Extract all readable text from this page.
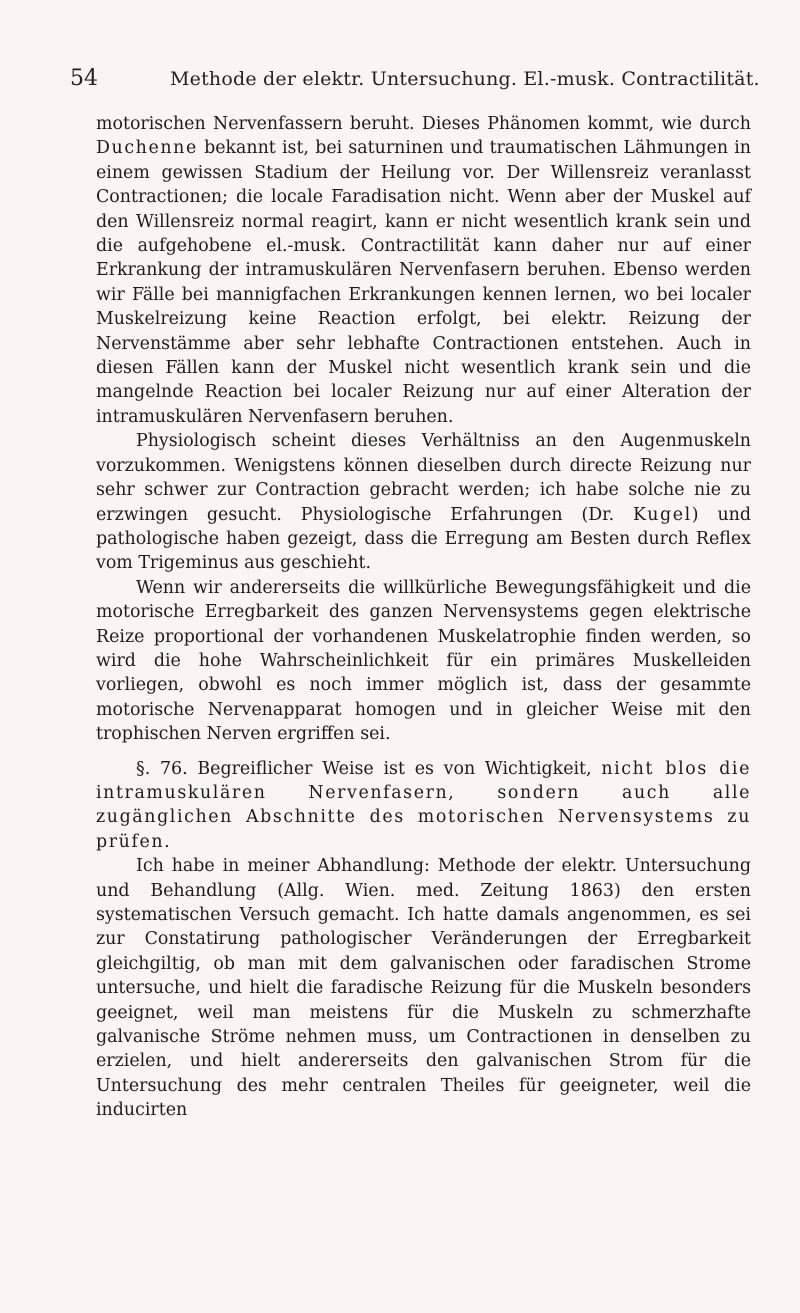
54	Methode der elektr. Untersuchung. El.-musk. Contractilität.

motorischen Nervenfassern beruht. Dieses Phänomen kommt, wie durch Duchenne bekannt ist, bei saturninen und traumatischen Lähmungen in einem gewissen Stadium der Heilung vor. Der Willensreiz veranlasst Contractionen; die locale Faradisation nicht. Wenn aber der Muskel auf den Willensreiz normal reagirt, kann er nicht wesentlich krank sein und die aufgehobene el.-musk. Contractilität kann daher nur auf einer Erkrankung der intramuskulären Nervenfasern beruhen. Ebenso werden wir Fälle bei mannigfachen Erkrankungen kennen lernen, wo bei localer Muskelreizung keine Reaction erfolgt, bei elektr. Reizung der Nervenstämme aber sehr lebhafte Contractionen entstehen. Auch in diesen Fällen kann der Muskel nicht wesentlich krank sein und die mangelnde Reaction bei localer Reizung nur auf einer Alteration der intramuskulären Nervenfasern beruhen.

Physiologisch scheint dieses Verhältniss an den Augenmuskeln vorzukommen. Wenigstens können dieselben durch directe Reizung nur sehr schwer zur Contraction gebracht werden; ich habe solche nie zu erzwingen gesucht. Physiologische Erfahrungen (Dr. Kugel) und pathologische haben gezeigt, dass die Erregung am Besten durch Reflex vom Trigeminus aus geschieht.

Wenn wir andererseits die willkürliche Bewegungsfähigkeit und die motorische Erregbarkeit des ganzen Nervensystems gegen elektrische Reize proportional der vorhandenen Muskelatrophie finden werden, so wird die hohe Wahrscheinlichkeit für ein primäres Muskelleiden vorliegen, obwohl es noch immer möglich ist, dass der gesammte motorische Nervenapparat homogen und in gleicher Weise mit den trophischen Nerven ergriffen sei.

§. 76. Begreiflicher Weise ist es von Wichtigkeit, nicht blos die intramuskulären Nervenfasern, sondern auch alle zugänglichen Abschnitte des motorischen Nervensystems zu prüfen.

Ich habe in meiner Abhandlung: Methode der elektr. Untersuchung und Behandlung (Allg. Wien. med. Zeitung 1863) den ersten systematischen Versuch gemacht. Ich hatte damals angenommen, es sei zur Constatirung pathologischer Veränderungen der Erregbarkeit gleichgiltig, ob man mit dem galvanischen oder faradischen Strome untersuche, und hielt die faradische Reizung für die Muskeln besonders geeignet, weil man meistens für die Muskeln zu schmerzhafte galvanische Ströme nehmen muss, um Contractionen in denselben zu erzielen, und hielt andererseits den galvanischen Strom für die Untersuchung des mehr centralen Theiles für geeigneter, weil die inducirten
